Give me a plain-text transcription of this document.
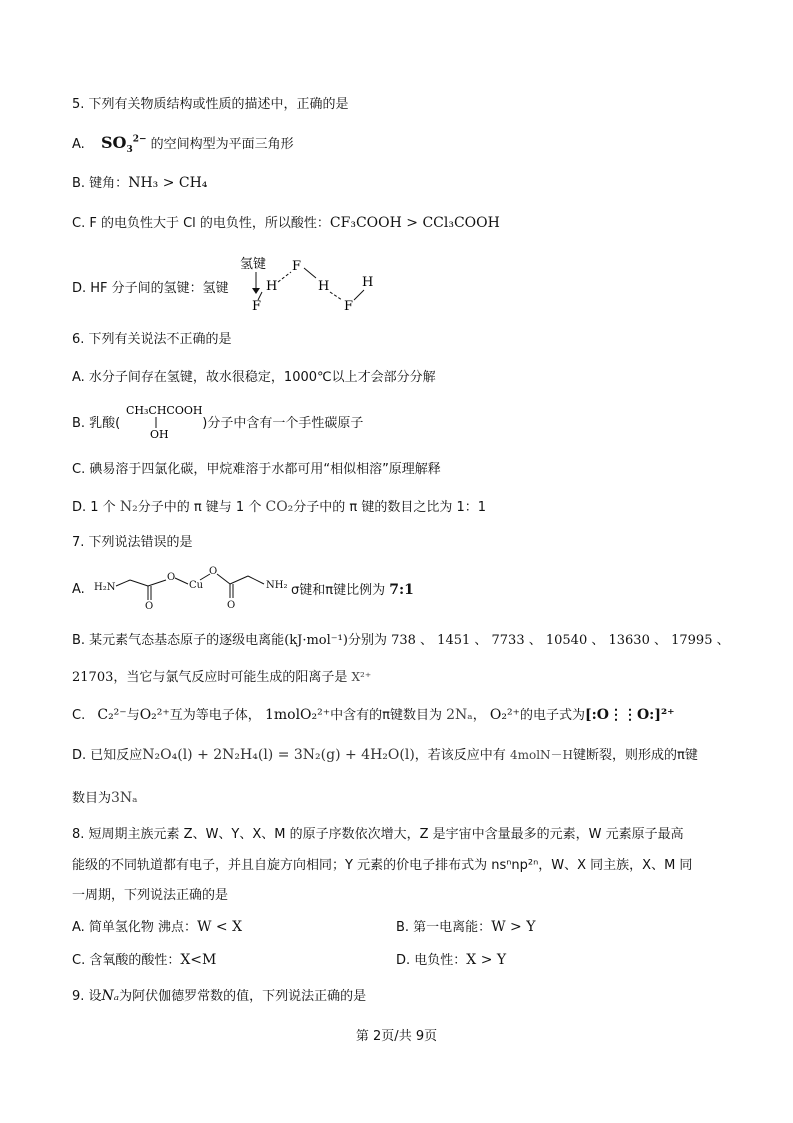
5. 下列有关物质结构或性质的描述中，正确的是
A. $SO_3^{2-}$ 的空间构型为平面三角形
B. 键角：NH₃ > CH₄
C. F 的电负性大于 Cl 的电负性，所以酸性：CF₃COOH > CCl₃COOH
D. HF 分子间的氢键：氢键
氢键
H
F
F
H
F
H
6. 下列有关说法不正确的是
A. 水分子间存在氢键，故水很稳定，1000℃以上才会部分分解
B. 乳酸(	)分子中含有一个手性碳原子
CH₃CHCOOH
OH
C. 碘易溶于四氯化碳，甲烷难溶于水都可用“相似相溶”原理解释
D. 1 个 N₂分子中的 π 键与 1 个 CO₂分子中的 π 键的数目之比为 1：1
7. 下列说法错误的是
A. H₂N
O
O
Cu
O
O
NH₂ σ键和π键比例为 7:1
B. 某元素气态基态原子的逐级电离能(kJ·mol⁻¹)分别为 738 、 1451 、 7733 、 10540 、 13630 、 17995 、
21703，当它与氯气反应时可能生成的阳离子是 X²⁺
C. C₂²⁻与O₂²⁺互为等电子体， 1molO₂²⁺中含有的π键数目为 2Nₐ， O₂²⁺的电子式为[:O⋮⋮O:]²⁺
D. 已知反应N₂O₄(l) + 2N₂H₄(l) = 3N₂(g) + 4H₂O(l)，若该反应中有 4molN－H键断裂，则形成的π键
数目为3Nₐ
8. 短周期主族元素 Z、W、Y、X、M 的原子序数依次增大，Z 是宇宙中含量最多的元素，W 元素原子最高
能级的不同轨道都有电子，并且自旋方向相同；Y 元素的价电子排布式为 nsⁿnp²ⁿ，W、X 同主族，X、M 同
一周期，下列说法正确的是
A. 简单氢化物 沸点：W < X	B. 第一电离能：W > Y
C. 含氧酸的酸性：X<M	D. 电负性：X > Y
9. 设Nₐ为阿伏伽德罗常数的值，下列说法正确的是
第 2页/共 9页
